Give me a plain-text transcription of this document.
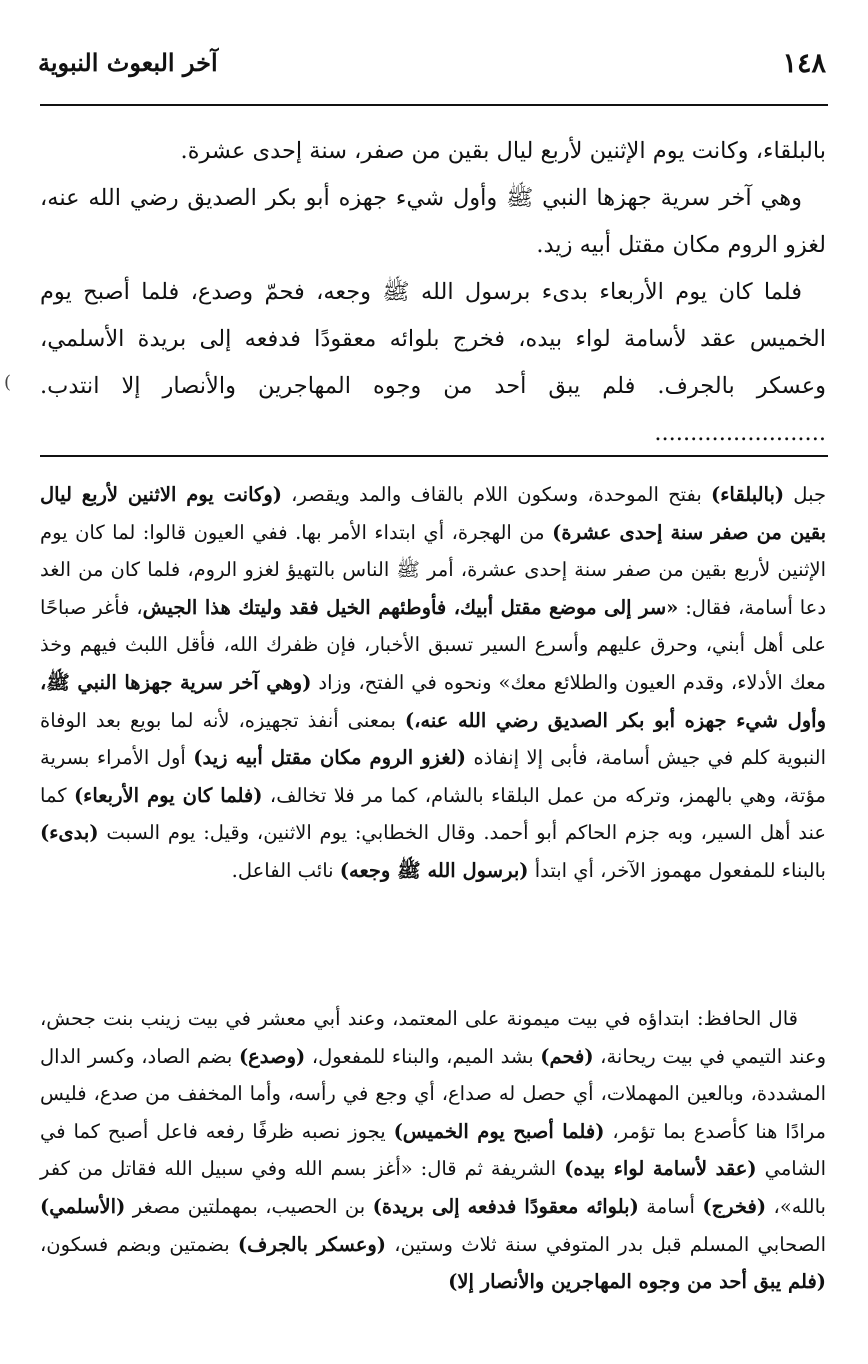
١٤٨
آخر البعوث النبوية

بالبلقاء، وكانت يوم الإثنين لأربع ليال بقين من صفر، سنة إحدى عشرة.

وهي آخر سرية جهزها النبي ﷺ وأول شيء جهزه أبو بكر الصديق رضي الله عنه، لغزو الروم مكان مقتل أبيه زيد.

فلما كان يوم الأربعاء بدىء برسول الله ﷺ وجعه، فحمّ وصدع، فلما أصبح يوم الخميس عقد لأسامة لواء بيده، فخرج بلوائه معقودًا فدفعه إلى بريدة الأسلمي، وعسكر بالجرف. فلم يبق أحد من وجوه المهاجرين والأنصار إلا انتدب. ........................

)

جبل (بالبلقاء) بفتح الموحدة، وسكون اللام بالقاف والمد ويقصر، (وكانت يوم الاثنين لأربع ليال بقين من صفر سنة إحدى عشرة) من الهجرة، أي ابتداء الأمر بها. ففي العيون قالوا: لما كان يوم الإثنين لأربع بقين من صفر سنة إحدى عشرة، أمر ﷺ الناس بالتهيؤ لغزو الروم، فلما كان من الغد دعا أسامة، فقال: «سر إلى موضع مقتل أبيك، فأوطئهم الخيل فقد وليتك هذا الجيش، فأغر صباحًا على أهل أبني، وحرق عليهم وأسرع السير تسبق الأخبار، فإن ظفرك الله، فأقل اللبث فيهم وخذ معك الأدلاء، وقدم العيون والطلائع معك» ونحوه في الفتح، وزاد (وهي آخر سرية جهزها النبي ﷺ، وأول شيء جهزه أبو بكر الصديق رضي الله عنه،) بمعنى أنفذ تجهيزه، لأنه لما بويع بعد الوفاة النبوية كلم في جيش أسامة، فأبى إلا إنفاذه (لغزو الروم مكان مقتل أبيه زيد) أول الأمراء بسرية مؤتة، وهي بالهمز، وتركه من عمل البلقاء بالشام، كما مر فلا تخالف، (فلما كان يوم الأربعاء) كما عند أهل السير، وبه جزم الحاكم أبو أحمد. وقال الخطابي: يوم الاثنين، وقيل: يوم السبت (بدىء) بالبناء للمفعول مهموز الآخر، أي ابتدأ (برسول الله ﷺ وجعه) نائب الفاعل.

قال الحافظ: ابتداؤه في بيت ميمونة على المعتمد، وعند أبي معشر في بيت زينب بنت جحش، وعند التيمي في بيت ريحانة، (فحم) بشد الميم، والبناء للمفعول، (وصدع) بضم الصاد، وكسر الدال المشددة، وبالعين المهملات، أي حصل له صداع، أي وجع في رأسه، وأما المخفف من صدع، فليس مرادًا هنا كأصدع بما تؤمر، (فلما أصبح يوم الخميس) يجوز نصبه ظرفًا رفعه فاعل أصبح كما في الشامي (عقد لأسامة لواء بيده) الشريفة ثم قال: «أغز بسم الله وفي سبيل الله فقاتل من كفر بالله»، (فخرج) أسامة (بلوائه معقودًا فدفعه إلى بريدة) بن الحصيب، بمهملتين مصغر (الأسلمي) الصحابي المسلم قبل بدر المتوفي سنة ثلاث وستين، (وعسكر بالجرف) بضمتين وبضم فسكون، (فلم يبق أحد من وجوه المهاجرين والأنصار إلا)
